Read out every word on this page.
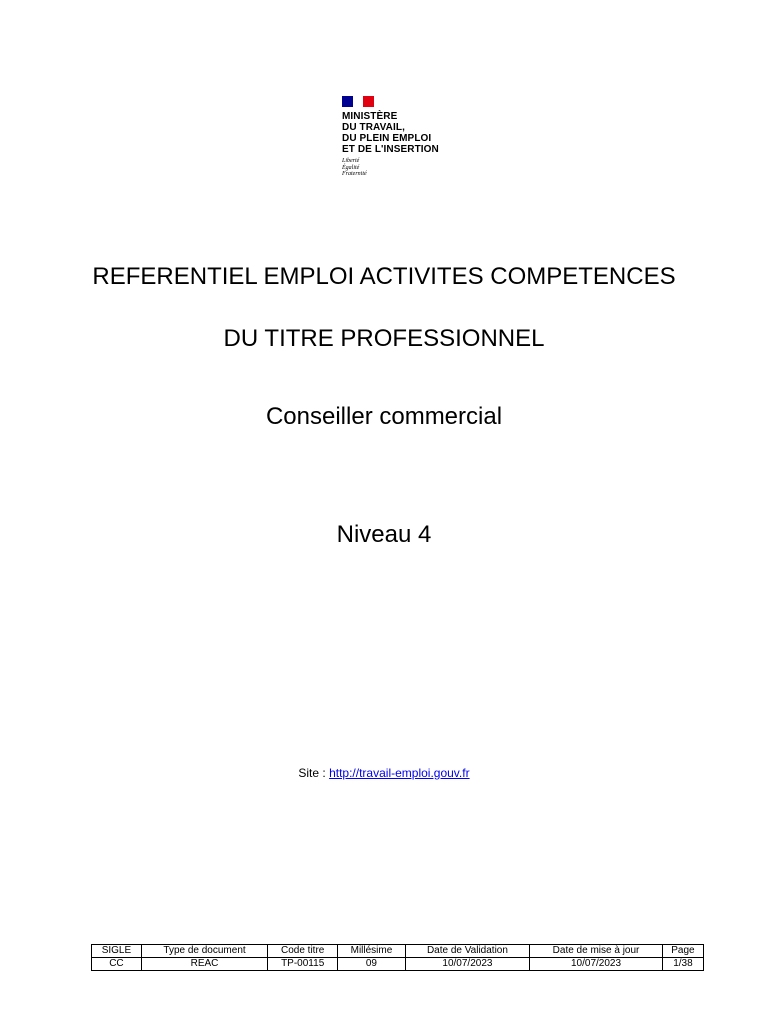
MINISTÈRE
DU TRAVAIL,
DU PLEIN EMPLOI
ET DE L'INSERTION
Liberté
Égalité
Fraternité
REFERENTIEL EMPLOI ACTIVITES COMPETENCES
DU TITRE PROFESSIONNEL
Conseiller commercial
Niveau 4
Site : http://travail-emploi.gouv.fr
SIGLE	Type de document	Code titre	Millésime	Date de Validation	Date de mise à jour	Page
CC	REAC	TP-00115	09	10/07/2023	10/07/2023	1/38
